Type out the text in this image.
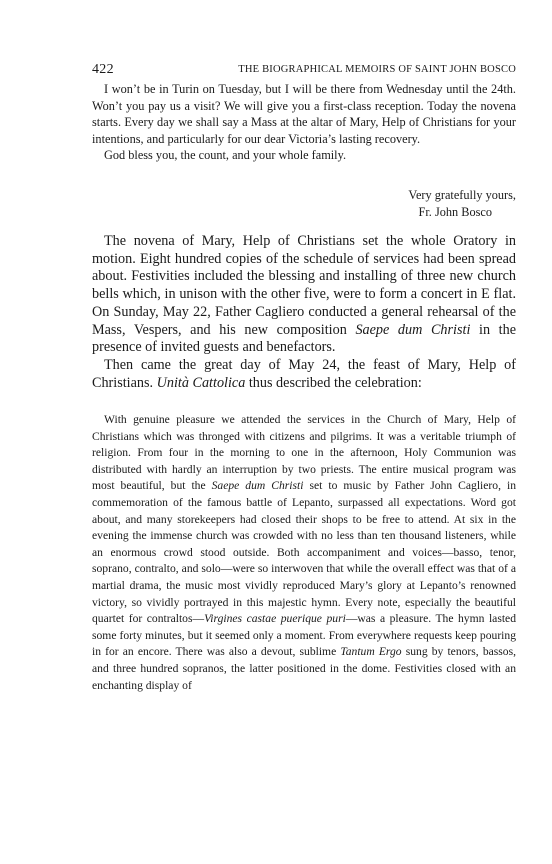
422	THE BIOGRAPHICAL MEMOIRS OF SAINT JOHN BOSCO

I won’t be in Turin on Tuesday, but I will be there from Wednesday until the 24th. Won’t you pay us a visit? We will give you a first-class reception. Today the novena starts. Every day we shall say a Mass at the altar of Mary, Help of Christians for your intentions, and particularly for our dear Victoria’s lasting recovery.

God bless you, the count, and your whole family.

Very gratefully yours,
Fr. John Bosco

The novena of Mary, Help of Christians set the whole Oratory in motion. Eight hundred copies of the schedule of services had been spread about. Festivities included the blessing and installing of three new church bells which, in unison with the other five, were to form a concert in E flat. On Sunday, May 22, Father Cagliero conducted a general rehearsal of the Mass, Vespers, and his new composition Saepe dum Christi in the presence of invited guests and benefactors.

Then came the great day of May 24, the feast of Mary, Help of Christians. Unità Cattolica thus described the celebration:

With genuine pleasure we attended the services in the Church of Mary, Help of Christians which was thronged with citizens and pilgrims. It was a veritable triumph of religion. From four in the morning to one in the afternoon, Holy Communion was distributed with hardly an interruption by two priests. The entire musical program was most beautiful, but the Saepe dum Christi set to music by Father John Cagliero, in commemoration of the famous battle of Lepanto, surpassed all expectations. Word got about, and many storekeepers had closed their shops to be free to attend. At six in the evening the immense church was crowded with no less than ten thousand listeners, while an enormous crowd stood outside. Both accompaniment and voices—basso, tenor, soprano, contralto, and solo—were so interwoven that while the overall effect was that of a martial drama, the music most vividly reproduced Mary’s glory at Lepanto’s renowned victory, so vividly portrayed in this majestic hymn. Every note, especially the beautiful quartet for contraltos—Virgines castae puerique puri—was a pleasure. The hymn lasted some forty minutes, but it seemed only a moment. From everywhere requests keep pouring in for an encore. There was also a devout, sublime Tantum Ergo sung by tenors, bassos, and three hundred sopranos, the latter positioned in the dome. Festivities closed with an enchanting display of
